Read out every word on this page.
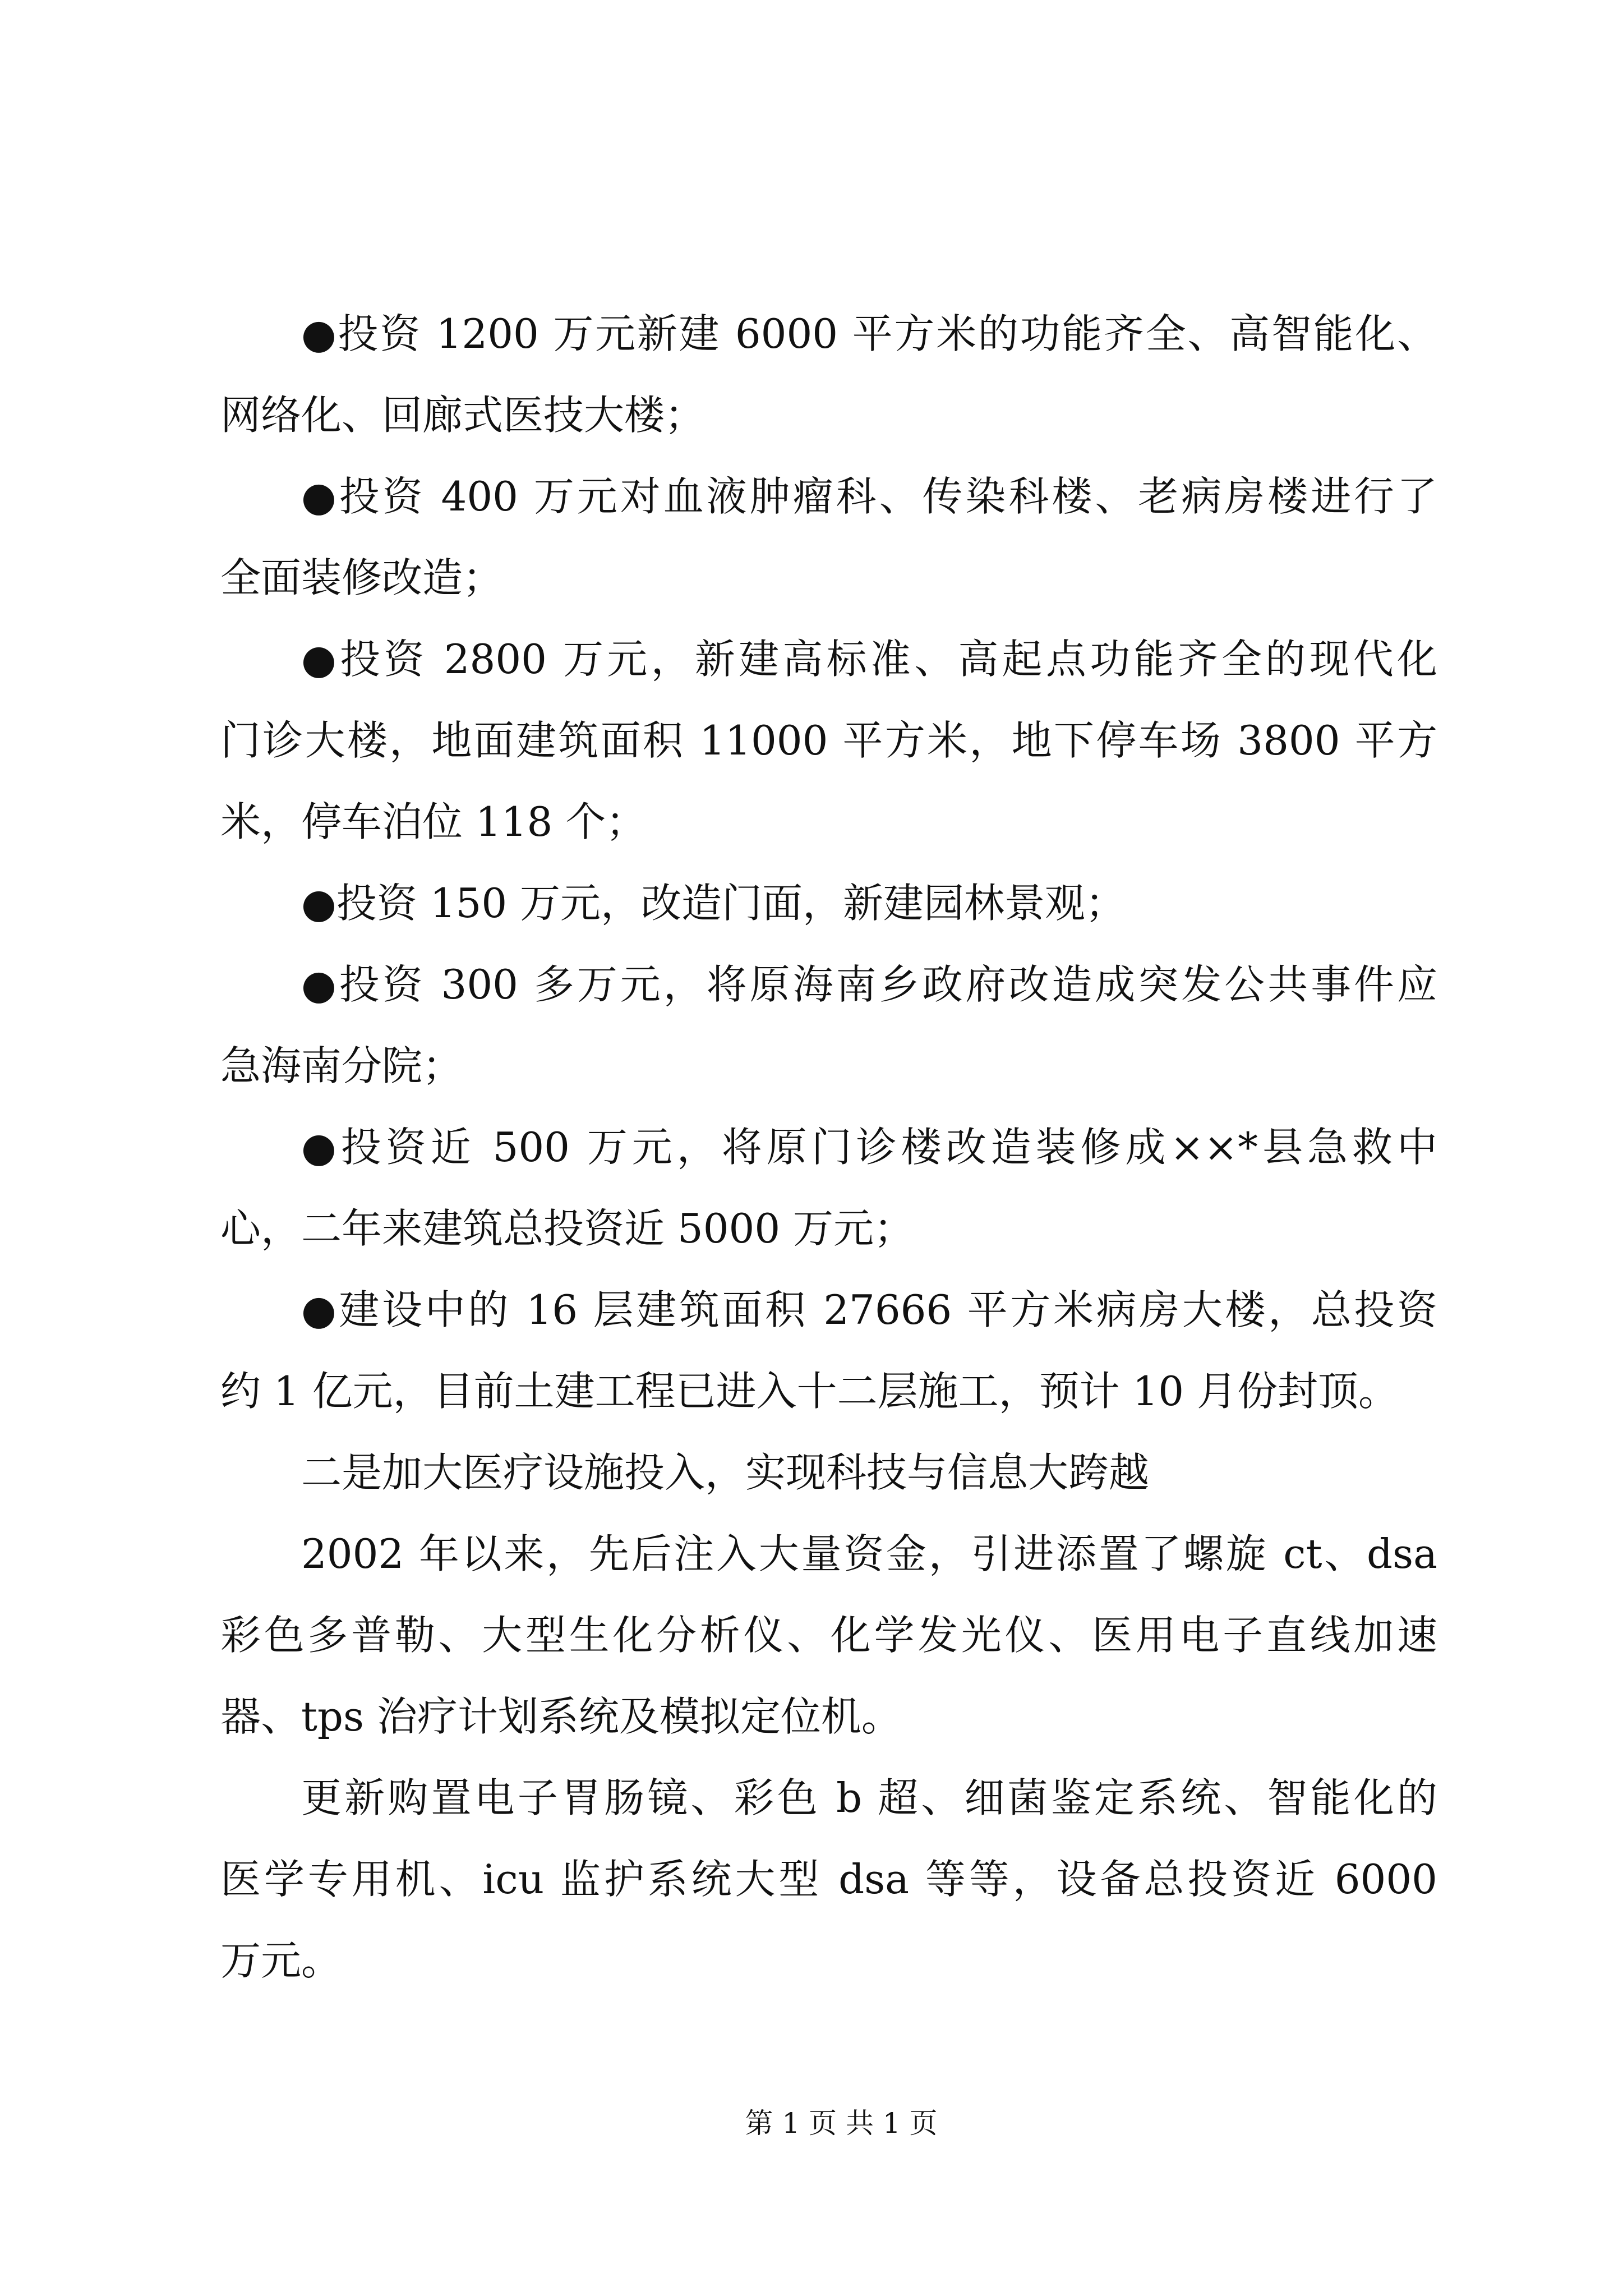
●投资 1200 万元新建 6000 平方米的功能齐全、高智能化、
网络化、回廊式医技大楼；
●投资 400 万元对血液肿瘤科、传染科楼、老病房楼进行了
全面装修改造；
●投资 2800 万元，新建高标准、高起点功能齐全的现代化
门诊大楼，地面建筑面积 11000 平方米，地下停车场 3800 平方
米，停车泊位 118 个；
●投资 150 万元，改造门面，新建园林景观；
●投资 300 多万元，将原海南乡政府改造成突发公共事件应
急海南分院；
●投资近 500 万元，将原门诊楼改造装修成××*县急救中
心，二年来建筑总投资近 5000 万元；
●建设中的 16 层建筑面积 27666 平方米病房大楼，总投资
约 1 亿元，目前土建工程已进入十二层施工，预计 10 月份封顶。
二是加大医疗设施投入，实现科技与信息大跨越
2002 年以来，先后注入大量资金，引进添置了螺旋 ct、dsa
彩色多普勒、大型生化分析仪、化学发光仪、医用电子直线加速
器、tps 治疗计划系统及模拟定位机。
更新购置电子胃肠镜、彩色 b 超、细菌鉴定系统、智能化的
医学专用机、icu 监护系统大型 dsa 等等，设备总投资近 6000
万元。
第 1 页 共 1 页
